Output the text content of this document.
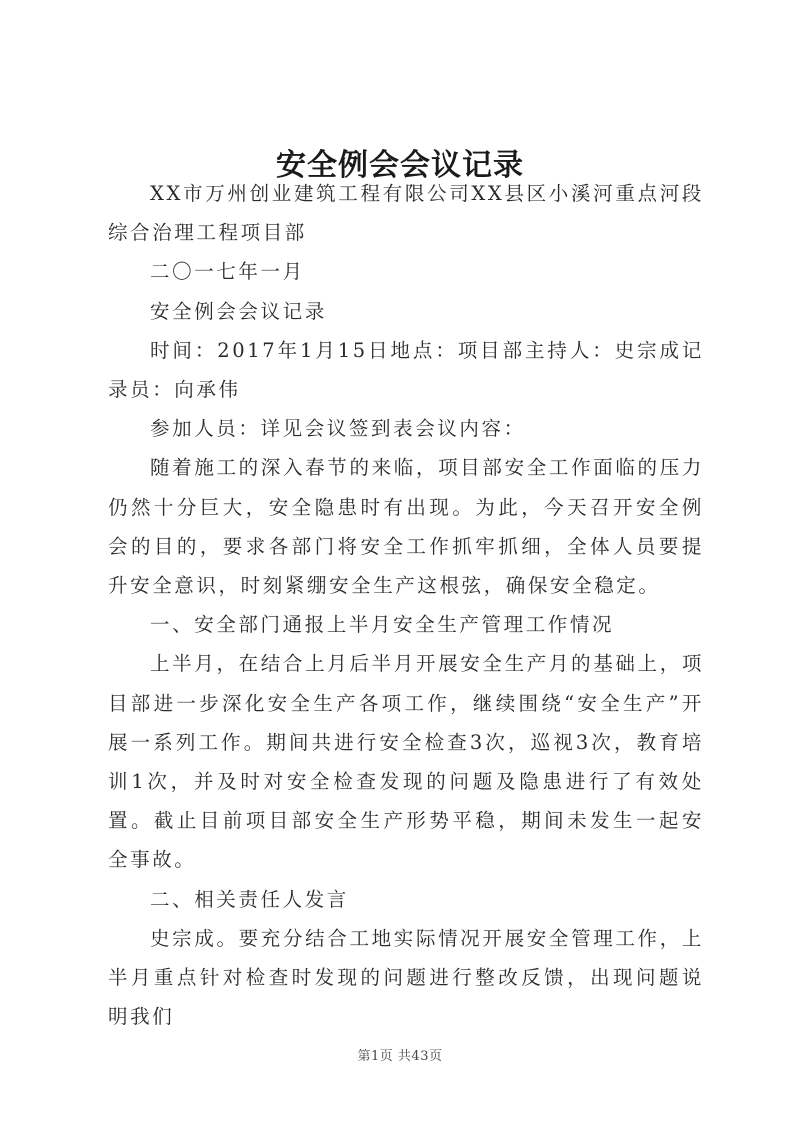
安全例会会议记录

XX市万州创业建筑工程有限公司XX县区小溪河重点河段综合治理工程项目部

二〇一七年一月

安全例会会议记录

时间：2017年1月15日地点：项目部主持人：史宗成记录员：向承伟

参加人员：详见会议签到表会议内容：

随着施工的深入春节的来临，项目部安全工作面临的压力仍然十分巨大，安全隐患时有出现。为此，今天召开安全例会的目的，要求各部门将安全工作抓牢抓细，全体人员要提升安全意识，时刻紧绷安全生产这根弦，确保安全稳定。

一、安全部门通报上半月安全生产管理工作情况

上半月，在结合上月后半月开展安全生产月的基础上，项目部进一步深化安全生产各项工作，继续围绕“安全生产”开展一系列工作。期间共进行安全检查3次，巡视3次，教育培训1次，并及时对安全检查发现的问题及隐患进行了有效处置。截止目前项目部安全生产形势平稳，期间未发生一起安全事故。

二、相关责任人发言

史宗成。要充分结合工地实际情况开展安全管理工作，上半月重点针对检查时发现的问题进行整改反馈，出现问题说明我们

第1页 共43页
